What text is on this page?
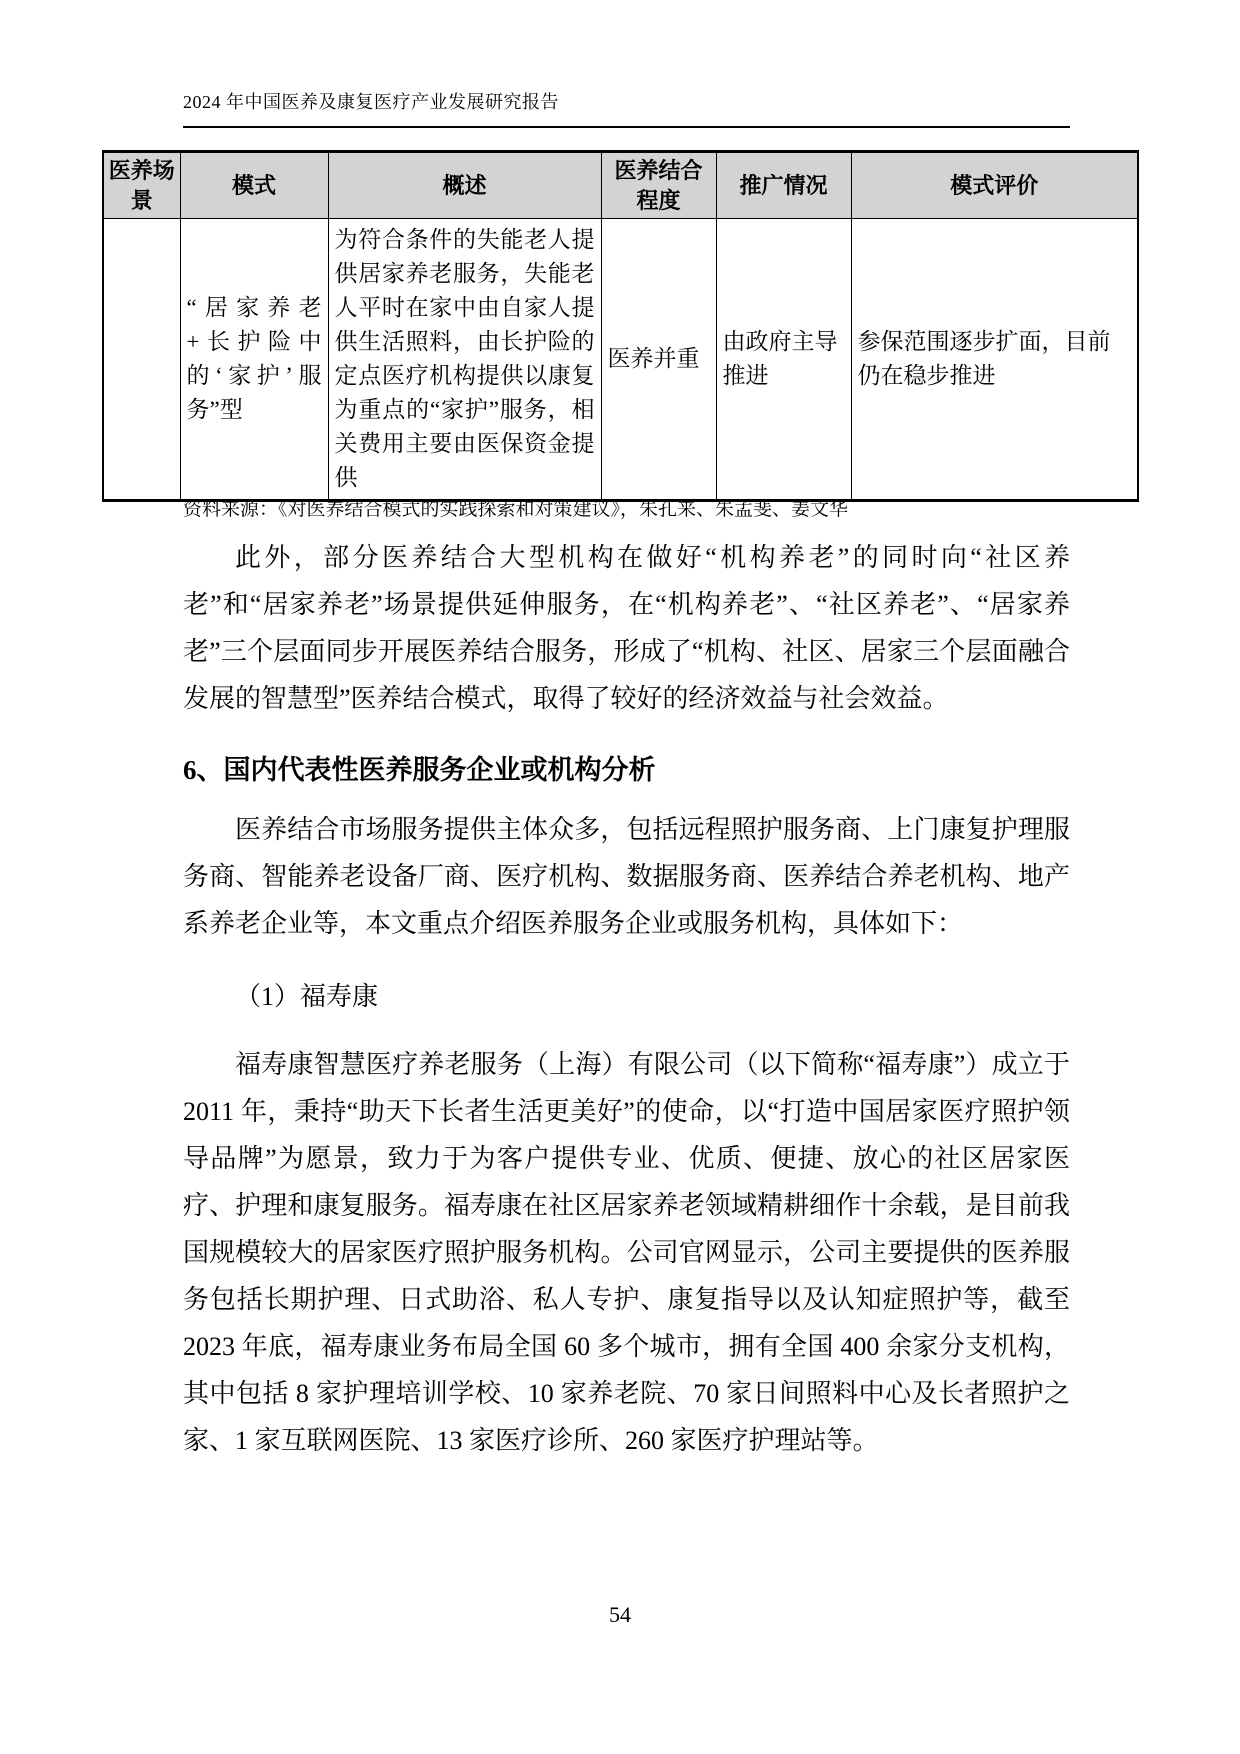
2024 年中国医养及康复医疗产业发展研究报告
医养场景	模式	概述	医养结合程度	推广情况	模式评价
	“居家养老+长护险中的‘家护’服务”型	为符合条件的失能老人提供居家养老服务，失能老人平时在家中由自家人提供生活照料，由长护险的定点医疗机构提供以康复为重点的“家护”服务，相关费用主要由医保资金提供	医养并重	由政府主导推进	参保范围逐步扩面，目前仍在稳步推进
资料来源：《对医养结合模式的实践探索和对策建议》，朱孔来、朱孟斐、姜文华

此外，部分医养结合大型机构在做好“机构养老”的同时向“社区养老”和“居家养老”场景提供延伸服务，在“机构养老”、“社区养老”、“居家养老”三个层面同步开展医养结合服务，形成了“机构、社区、居家三个层面融合发展的智慧型”医养结合模式，取得了较好的经济效益与社会效益。

6、国内代表性医养服务企业或机构分析

医养结合市场服务提供主体众多，包括远程照护服务商、上门康复护理服务商、智能养老设备厂商、医疗机构、数据服务商、医养结合养老机构、地产系养老企业等，本文重点介绍医养服务企业或服务机构，具体如下：

（1）福寿康

福寿康智慧医疗养老服务（上海）有限公司（以下简称“福寿康”）成立于 2011 年，秉持“助天下长者生活更美好”的使命，以“打造中国居家医疗照护领导品牌”为愿景，致力于为客户提供专业、优质、便捷、放心的社区居家医疗、护理和康复服务。福寿康在社区居家养老领域精耕细作十余载，是目前我国规模较大的居家医疗照护服务机构。公司官网显示，公司主要提供的医养服务包括长期护理、日式助浴、私人专护、康复指导以及认知症照护等，截至 2023 年底，福寿康业务布局全国 60 多个城市，拥有全国 400 余家分支机构，其中包括 8 家护理培训学校、10 家养老院、70 家日间照料中心及长者照护之家、1 家互联网医院、13 家医疗诊所、260 家医疗护理站等。

54
